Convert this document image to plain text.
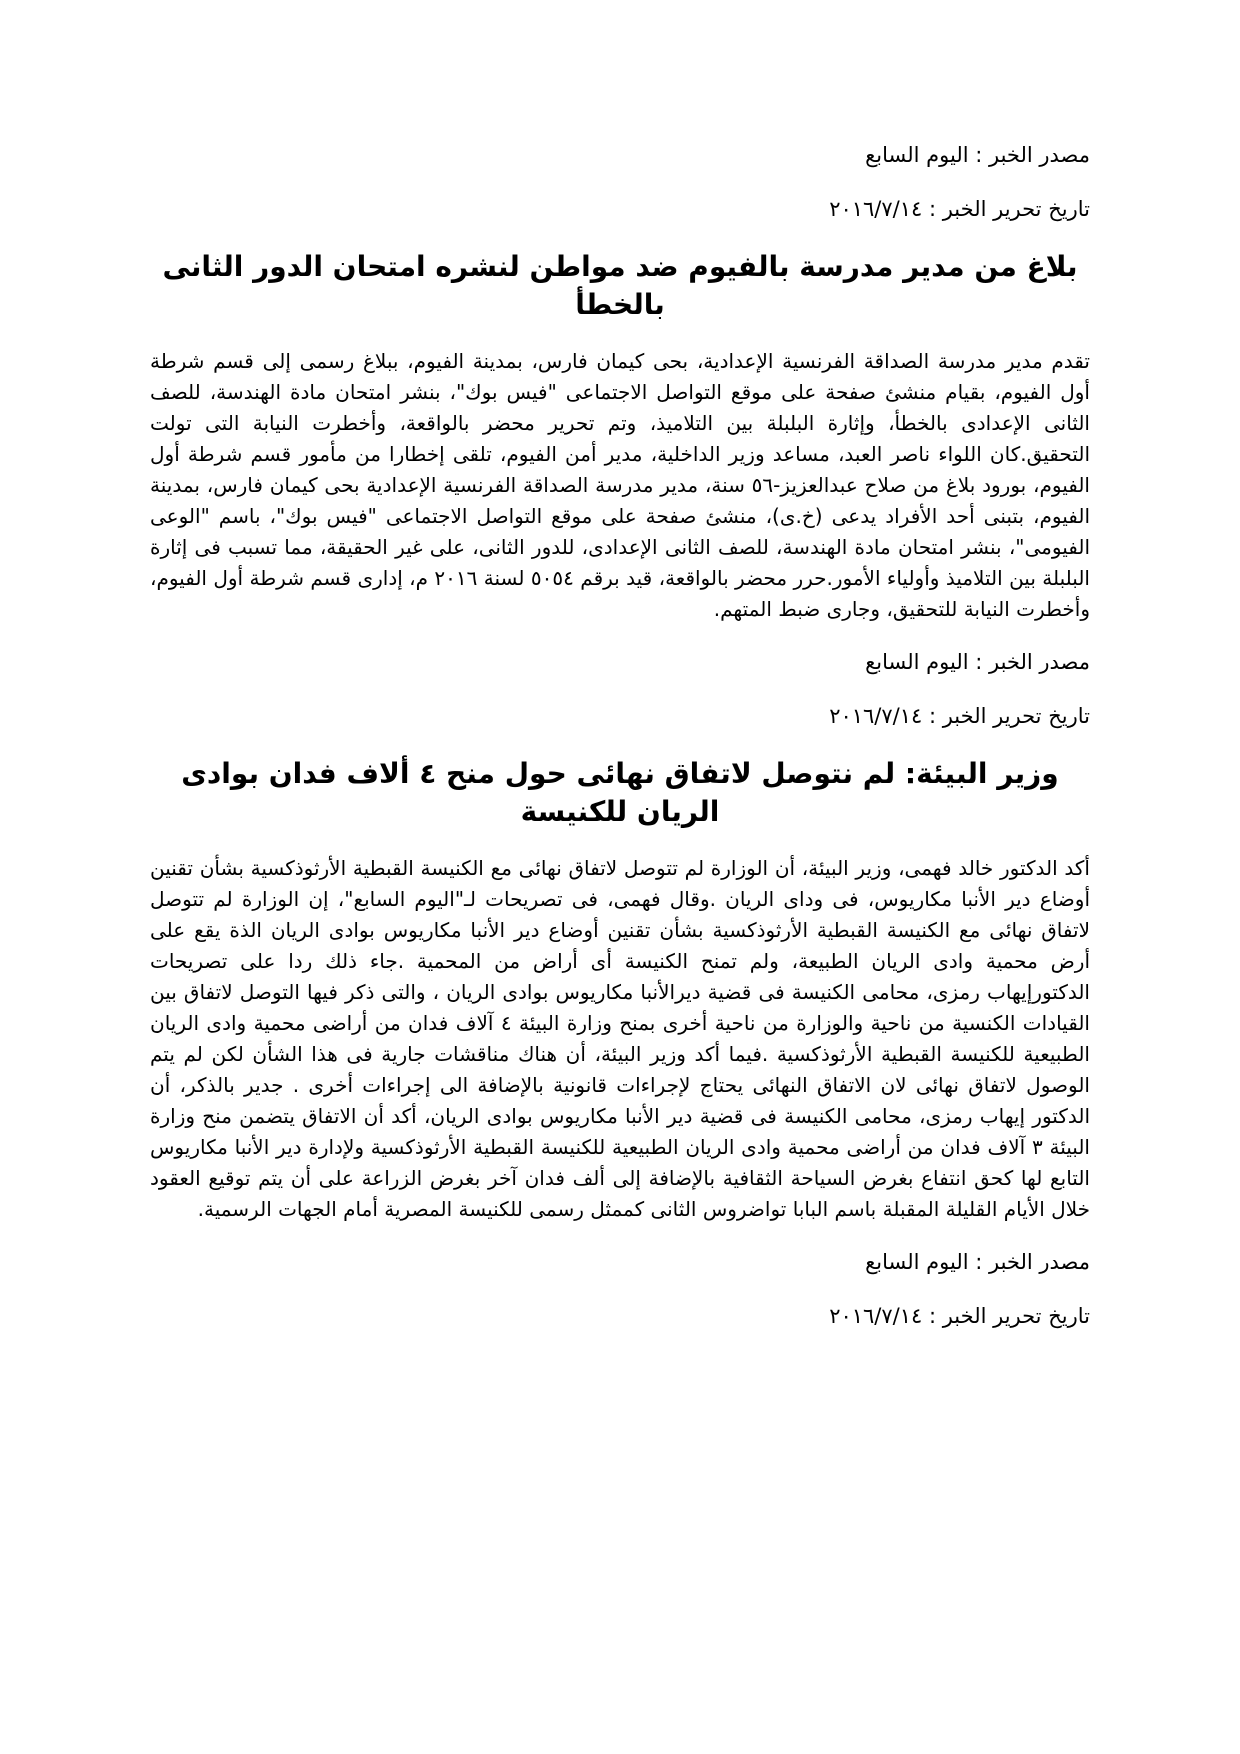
مصدر الخبر : اليوم السابع

تاريخ تحرير الخبر : ٢٠١٦/٧/١٤

بلاغ من مدير مدرسة بالفيوم ضد مواطن لنشره امتحان الدور الثانى بالخطأ

تقدم مدير مدرسة الصداقة الفرنسية الإعدادية، بحى كيمان فارس، بمدينة الفيوم، ببلاغ رسمى إلى قسم شرطة أول الفيوم، بقيام منشئ صفحة على موقع التواصل الاجتماعى "فيس بوك"، بنشر امتحان مادة الهندسة، للصف الثانى الإعدادى بالخطأ، وإثارة البلبلة بين التلاميذ، وتم تحرير محضر بالواقعة، وأخطرت النيابة التى تولت التحقيق.كان اللواء ناصر العبد، مساعد وزير الداخلية، مدير أمن الفيوم، تلقى إخطارا من مأمور قسم شرطة أول الفيوم، بورود بلاغ من صلاح عبدالعزيز-٥٦ سنة، مدير مدرسة الصداقة الفرنسية الإعدادية بحى كيمان فارس، بمدينة الفيوم، بتبنى أحد الأفراد يدعى (خ.ى)، منشئ صفحة على موقع التواصل الاجتماعى "فيس بوك"، باسم "الوعى الفيومى"، بنشر امتحان مادة الهندسة، للصف الثانى الإعدادى، للدور الثانى، على غير الحقيقة، مما تسبب فى إثارة البلبلة بين التلاميذ وأولياء الأمور.حرر محضر بالواقعة، قيد برقم ٥٠٥٤ لسنة ٢٠١٦ م، إدارى قسم شرطة أول الفيوم، وأخطرت النيابة للتحقيق، وجارى ضبط المتهم.

مصدر الخبر : اليوم السابع

تاريخ تحرير الخبر : ٢٠١٦/٧/١٤

وزير البيئة: لم نتوصل لاتفاق نهائى حول منح ٤ ألاف فدان بوادى الريان للكنيسة

أكد الدكتور خالد فهمى، وزير البيئة، أن الوزارة لم تتوصل لاتفاق نهائى مع الكنيسة القبطية الأرثوذكسية بشأن تقنين أوضاع دير الأنبا مكاريوس، فى وداى الريان .وقال فهمى، فى تصريحات لـ"اليوم السابع"، إن الوزارة لم تتوصل لاتفاق نهائى مع الكنيسة القبطية الأرثوذكسية بشأن تقنين أوضاع دير الأنبا مكاريوس بوادى الريان الذة يقع على أرض محمية وادى الريان الطبيعة، ولم تمنح الكنيسة أى أراض من المحمية .جاء ذلك ردا على تصريحات الدكتورإيهاب رمزى، محامى الكنيسة فى قضية ديرالأنبا مكاريوس بوادى الريان ، والتى ذكر فيها التوصل لاتفاق بين القيادات الكنسية من ناحية والوزارة من ناحية أخرى بمنح وزارة البيئة ٤ آلاف فدان من أراضى محمية وادى الريان الطبيعية للكنيسة القبطية الأرثوذكسية .فيما أكد وزير البيئة، أن هناك مناقشات جارية فى هذا الشأن لكن لم يتم الوصول لاتفاق نهائى لان الاتفاق النهائى يحتاج لإجراءات قانونية بالإضافة الى إجراءات أخرى . جدير بالذكر، أن الدكتور إيهاب رمزى، محامى الكنيسة فى قضية دير الأنبا مكاريوس بوادى الريان، أكد أن الاتفاق يتضمن منح وزارة البيئة ٣ آلاف فدان من أراضى محمية وادى الريان الطبيعية للكنيسة القبطية الأرثوذكسية ولإدارة دير الأنبا مكاريوس التابع لها كحق انتفاع بغرض السياحة الثقافية بالإضافة إلى ألف فدان آخر بغرض الزراعة على أن يتم توقيع العقود خلال الأيام القليلة المقبلة باسم البابا تواضروس الثانى كممثل رسمى للكنيسة المصرية أمام الجهات الرسمية.

مصدر الخبر : اليوم السابع

تاريخ تحرير الخبر : ٢٠١٦/٧/١٤
